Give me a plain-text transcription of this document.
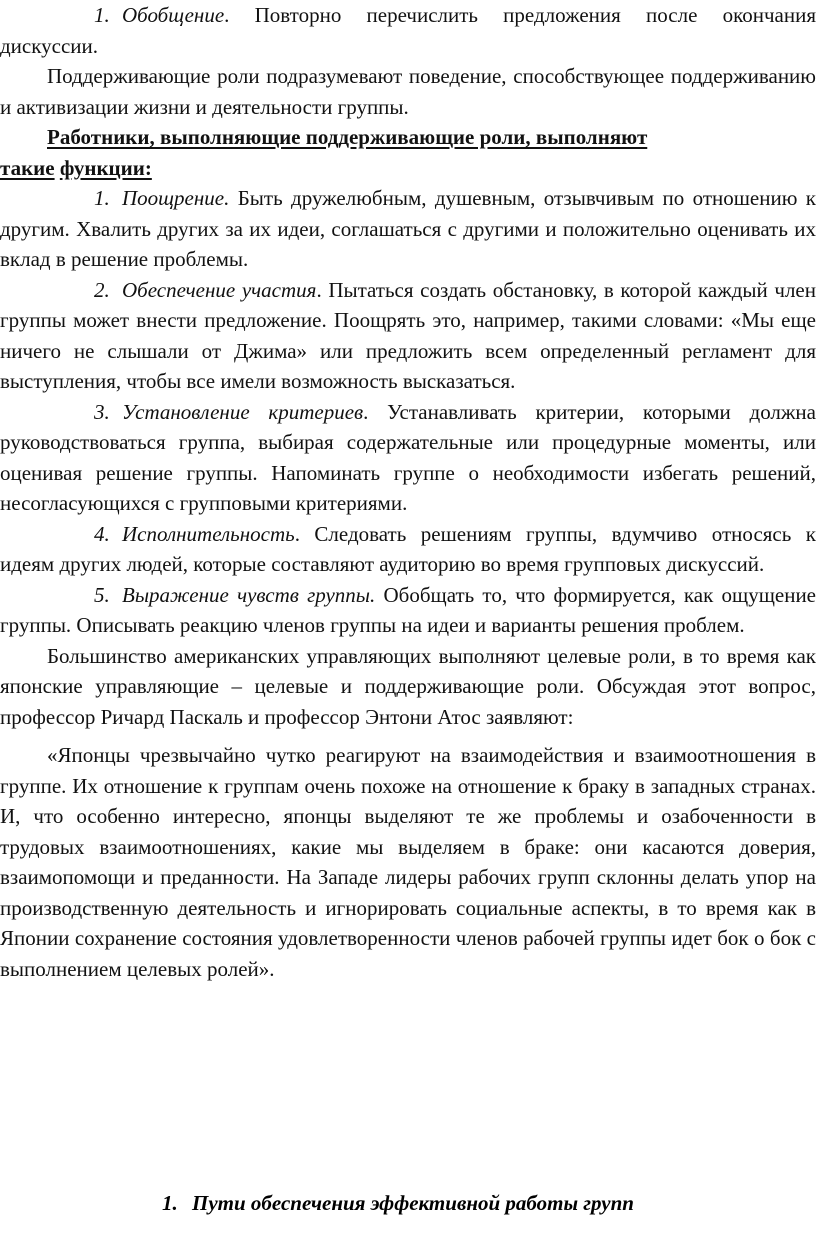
1. Обобщение. Повторно перечислить предложения после окончания дискуссии.

Поддерживающие роли подразумевают поведение, способствующее поддерживанию и активизации жизни и деятельности группы.

Работники, выполняющие поддерживающие роли, выполняют

такие функции:

1. Поощрение. Быть дружелюбным, душевным, отзывчивым по отношению к другим. Хвалить других за их идеи, соглашаться с другими и положительно оценивать их вклад в решение проблемы.

2. Обеспечение участия. Пытаться создать обстановку, в которой каждый член группы может внести предложение. Поощрять это, например, такими словами: «Мы еще ничего не слышали от Джима» или предложить всем определенный регламент для выступления, чтобы все имели возможность высказаться.

3. Установление критериев. Устанавливать критерии, которыми должна руководствоваться группа, выбирая содержательные или процедурные моменты, или оценивая решение группы. Напоминать группе о необходимости избегать решений, несогласующихся с групповыми критериями.

4. Исполнительность. Следовать решениям группы, вдумчиво относясь к идеям других людей, которые составляют аудиторию во время групповых дискуссий.

5. Выражение чувств группы. Обобщать то, что формируется, как ощущение группы. Описывать реакцию членов группы на идеи и варианты решения проблем.

Большинство американских управляющих выполняют целевые роли, в то время как японские управляющие – целевые и поддерживающие роли. Обсуждая этот вопрос, профессор Ричард Паскаль и профессор Энтони Атос заявляют:

«Японцы чрезвычайно чутко реагируют на взаимодействия и взаимоотношения в группе. Их отношение к группам очень похоже на отношение к браку в западных странах. И, что особенно интересно, японцы выделяют те же проблемы и озабоченности в трудовых взаимоотношениях, какие мы выделяем в браке: они касаются доверия, взаимопомощи и преданности. На Западе лидеры рабочих групп склонны делать упор на производственную деятельность и игнорировать социальные аспекты, в то время как в Японии сохранение состояния удовлетворенности членов рабочей группы идет бок о бок с выполнением целевых ролей».

1. Пути обеспечения эффективной работы групп
